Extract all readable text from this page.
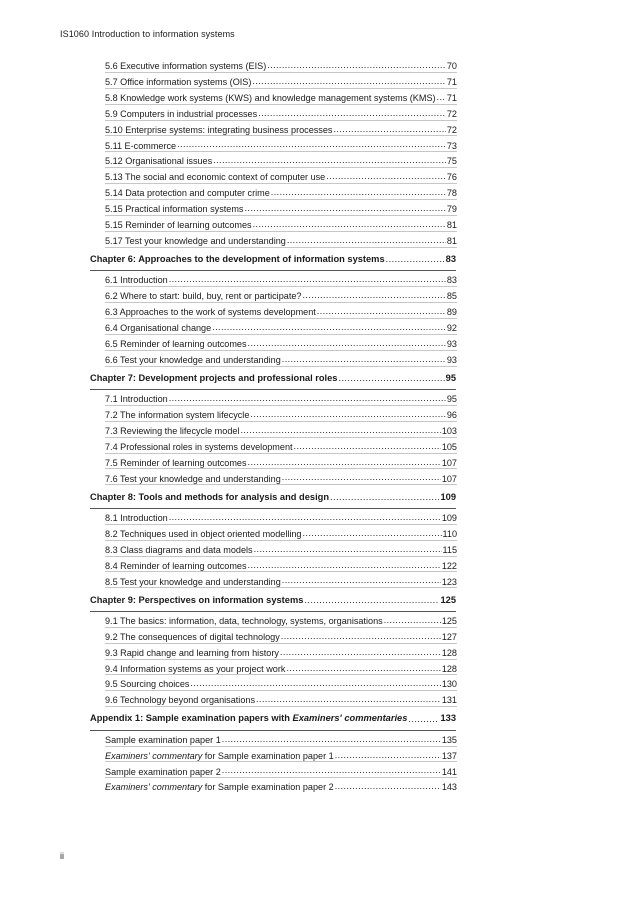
IS1060 Introduction to information systems
5.6 Executive information systems (EIS) .....	70
5.7 Office information systems (OIS) .....	71
5.8 Knowledge work systems (KWS) and knowledge management systems (KMS) ..... 71
5.9 Computers in industrial processes .....	72
5.10 Enterprise systems: integrating business processes .....	72
5.11 E-commerce .....	73
5.12 Organisational issues .....	75
5.13 The social and economic context of computer use .....	76
5.14 Data protection and computer crime .....	78
5.15 Practical information systems .....	79
5.15 Reminder of learning outcomes .....	81
5.17 Test your knowledge and understanding .....	81
Chapter 6: Approaches to the development of information systems .....	83
6.1 Introduction .....	83
6.2 Where to start: build, buy, rent or participate? .....	85
6.3 Approaches to the work of systems development .....	89
6.4 Organisational change .....	92
6.5 Reminder of learning outcomes .....	93
6.6 Test your knowledge and understanding .....	93
Chapter 7: Development projects and professional roles .....	95
7.1 Introduction .....	95
7.2 The information system lifecycle .....	96
7.3 Reviewing the lifecycle model .....	103
7.4 Professional roles in systems development .....	105
7.5 Reminder of learning outcomes .....	107
7.6 Test your knowledge and understanding .....	107
Chapter 8: Tools and methods for analysis and design .....	109
8.1 Introduction .....	109
8.2 Techniques used in object oriented modelling .....	110
8.3 Class diagrams and data models .....	115
8.4 Reminder of learning outcomes .....	122
8.5 Test your knowledge and understanding .....	123
Chapter 9: Perspectives on information systems .....	125
9.1 The basics: information, data, technology, systems, organisations .....	125
9.2 The consequences of digital technology .....	127
9.3 Rapid change and learning from history .....	128
9.4 Information systems as your project work .....	128
9.5 Sourcing choices .....	130
9.6 Technology beyond organisations .....	131
Appendix 1: Sample examination papers with Examiners' commentaries .....	133
Sample examination paper 1 .....	135
Examiners' commentary for Sample examination paper 1 .....	137
Sample examination paper 2 .....	141
Examiners' commentary for Sample examination paper 2 .....	143
ii
